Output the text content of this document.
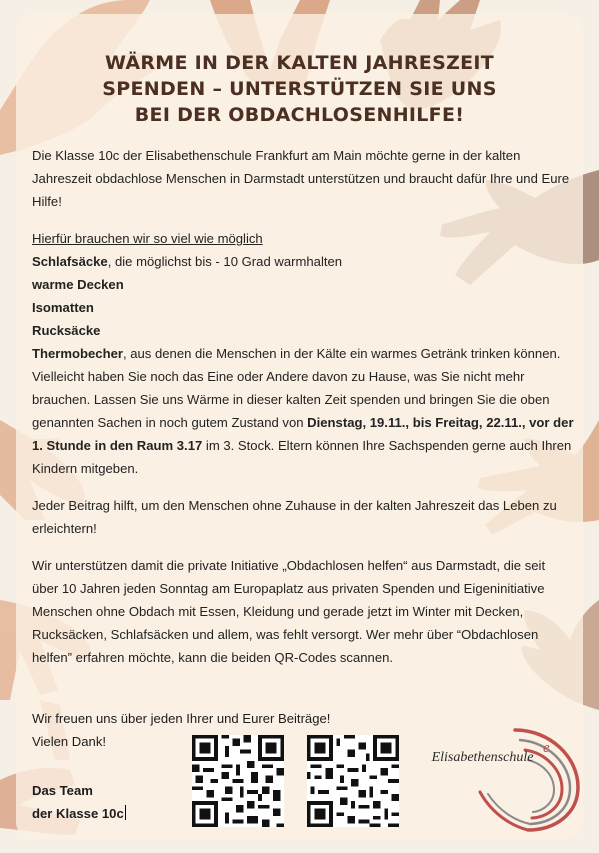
WÄRME IN DER KALTEN JAHRESZEIT
SPENDEN – UNTERSTÜTZEN SIE UNS
BEI DER OBDACHLOSENHILFE!

Die Klasse 10c der Elisabethenschule Frankfurt am Main möchte gerne in der kalten Jahreszeit obdachlose Menschen in Darmstadt unterstützen und braucht dafür Ihre und Eure Hilfe!

Hierfür brauchen wir so viel wie möglich

Schlafsäcke, die möglichst bis - 10 Grad warmhalten

warme Decken

Isomatten

Rucksäcke

Thermobecher, aus denen die Menschen in der Kälte ein warmes Getränk trinken können.

Vielleicht haben Sie noch das Eine oder Andere davon zu Hause, was Sie nicht mehr brauchen. Lassen Sie uns Wärme in dieser kalten Zeit spenden und bringen Sie die oben genannten Sachen in noch gutem Zustand von Dienstag, 19.11., bis Freitag, 22.11., vor der 1. Stunde in den Raum 3.17 im 3. Stock. Eltern können Ihre Sachspenden gerne auch Ihren Kindern mitgeben.

Jeder Beitrag hilft, um den Menschen ohne Zuhause in der kalten Jahreszeit das Leben zu erleichtern!

Wir unterstützen damit die private Initiative „Obdachlosen helfen“ aus Darmstadt, die seit über 10 Jahren jeden Sonntag am Europaplatz aus privaten Spenden und Eigeninitiative Menschen ohne Obdach mit Essen, Kleidung und gerade jetzt im Winter mit Decken, Rucksäcken, Schlafsäcken und allem, was fehlt versorgt. Wer mehr über “Obdachlosen helfen” erfahren möchte, kann die beiden QR-Codes scannen.

Wir freuen uns über jeden Ihrer und Eurer Beiträge!
Vielen Dank!
Das Team
der Klasse 10c
e
Elisabethenschule
